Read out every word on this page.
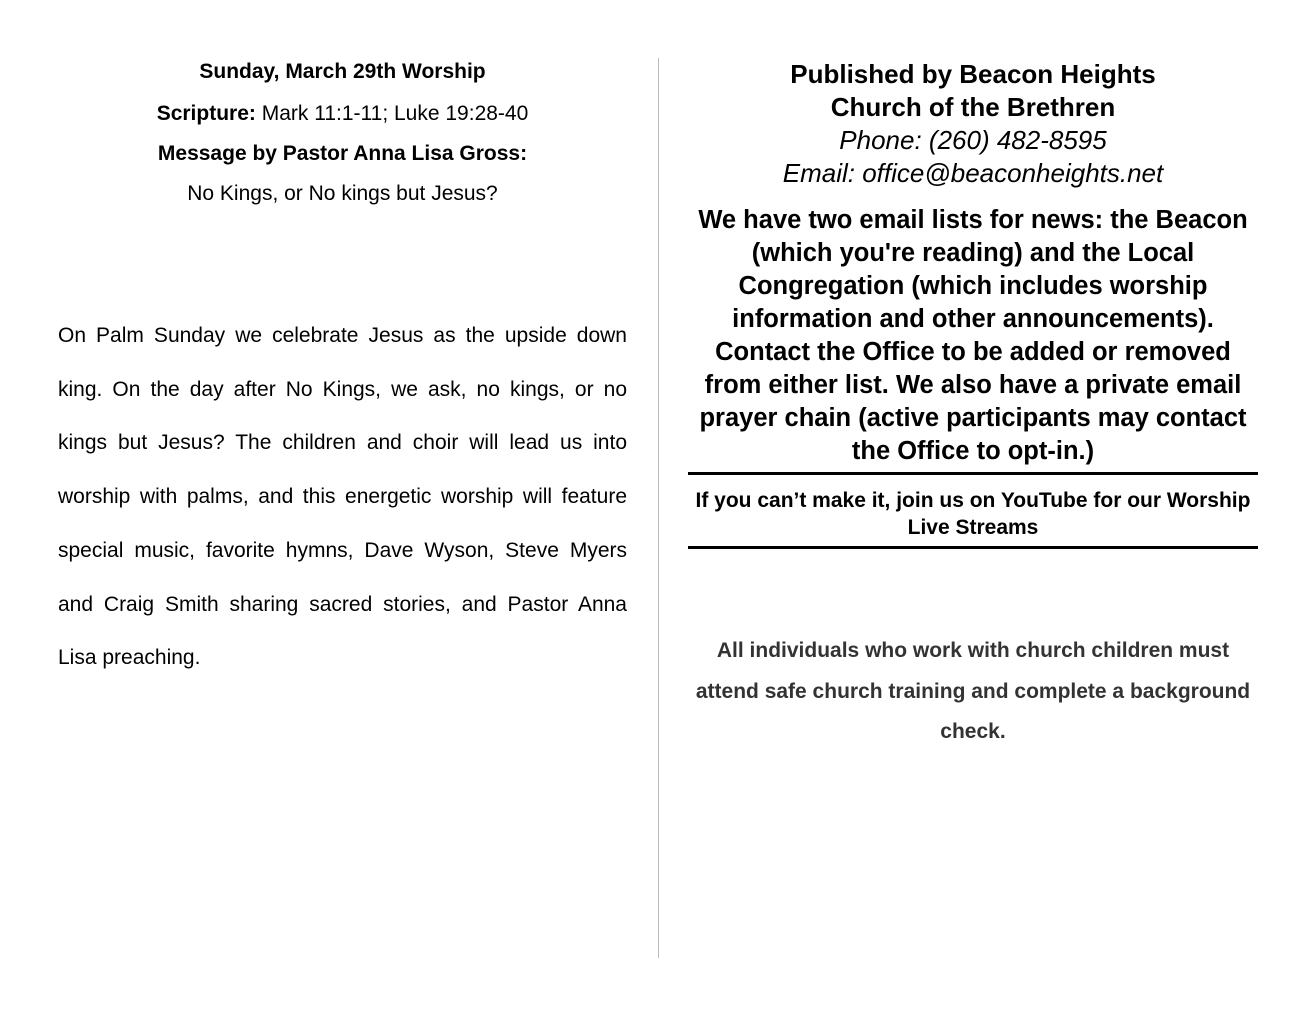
Sunday, March 29th Worship

Scripture: Mark 11:1-11; Luke 19:28-40

Message by Pastor Anna Lisa Gross:

No Kings, or No kings but Jesus?

On Palm Sunday we celebrate Jesus as the upside down king. On the day after No Kings, we ask, no kings, or no kings but Jesus? The children and choir will lead us into worship with palms, and this energetic worship will feature special music, favorite hymns, Dave Wyson, Steve Myers and Craig Smith sharing sacred stories, and Pastor Anna Lisa preaching.

Published by Beacon Heights

Church of the Brethren

Phone: (260) 482-8595

Email: office@beaconheights.net

We have two email lists for news: the Beacon (which you're reading) and the Local Congregation (which includes worship information and other announcements). Contact the Office to be added or removed from either list. We also have a private email prayer chain (active participants may contact the Office to opt-in.)
If you can’t make it, join us on YouTube for our Worship Live Streams
All individuals who work with church children must attend safe church training and complete a background check.
